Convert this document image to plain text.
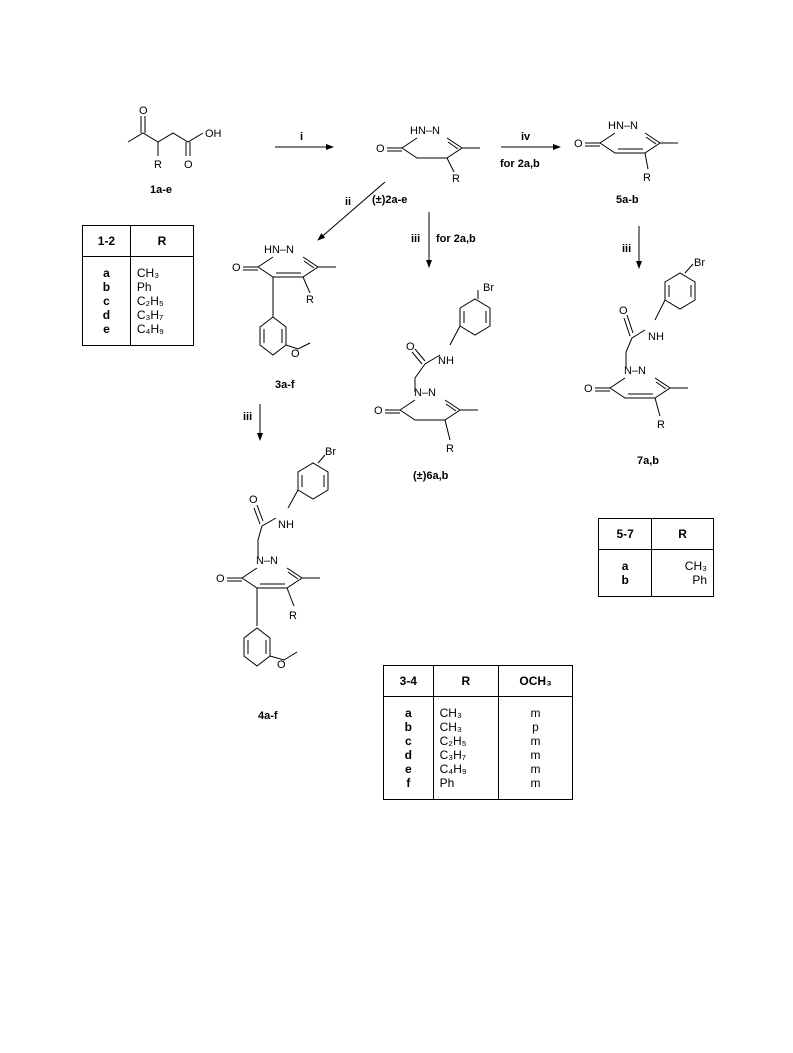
O
OH
O
R
1a-e
i	HN–N
O
R
(±)2a-e
iv
for 2a,b
HN–N
O
R
5a-b
ii
iii for 2a,b
iii
HN–N
O
R
O
3a-f
iii
Br
NH
O
N–N
O
R
(±)6a,b
Br
NH
O
N–N
O
R
7a,b
Br
NH
O
N–N
O
R
O
4a-f
1-2	R
a	CH₃
b	Ph
c	C₂H₅
d	C₃H₇
e	C₄H₉
5-7	R
a	CH₃
b	Ph
3-4	R	OCH₃
a	CH₃	m
b	CH₃	p
c	C₂H₅	m
d	C₃H₇	m
e	C₄H₉	m
f	Ph	m
